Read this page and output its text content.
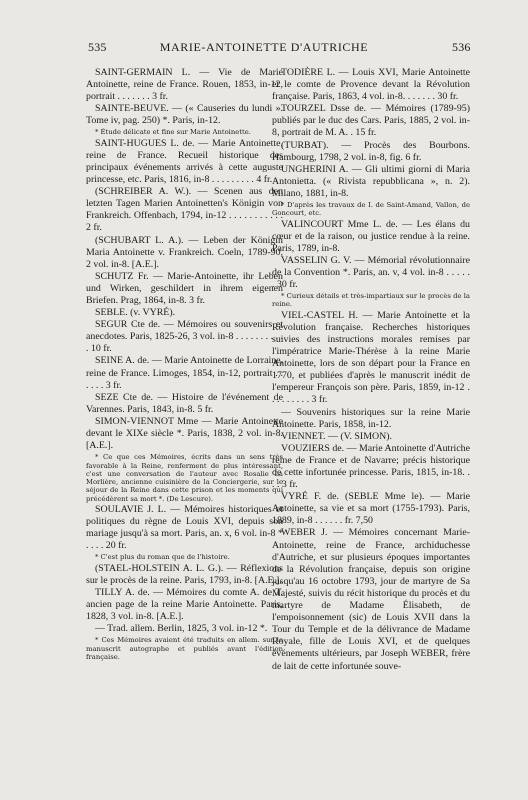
535	MARIE-ANTOINETTE D'AUTRICHE	536
SAINT-GERMAIN L. — Vie de Marie Antoinette, reine de France. Rouen, 1853, in-12, portrait . . . . . . . 3 fr.
SAINTE-BEUVE. — (« Causeries du lundi ». Tome iv, pag. 250) *. Paris, in-12.
* Étude délicate et fine sur Marie Antoinette.
SAINT-HUGUES L. de. — Marie Antoinette, reine de France. Recueil historique des principaux événements arrivés à cette auguste princesse, etc. Paris, 1816, in-8 . . . . . . . . . 4 fr.
(SCHREIBER A. W.). — Scenen aus den letzten Tagen Marien Antoinetten's Königin von Frankreich. Offenbach, 1794, in-12 . . . . . . . . . . . 2 fr.
(SCHUBART L. A.). — Leben der Königin Maria Antoinette v. Frankreich. Coeln, 1789-90, 2 vol. in-8. [A.E.].
SCHUTZ Fr. — Marie-Antoinette, ihr Leben und Wirken, geschildert in ihrem eigenen Briefen. Prag, 1864, in-8. 3 fr.
SEBLE. (v. VYRÉ).
SEGUR Cte de. — Mémoires ou souvenirs et anecdotes. Paris, 1825-26, 3 vol. in-8 . . . . . . . . . . . 10 fr.
SEINE A. de. — Marie Antoinette de Lorraine, reine de France. Limoges, 1854, in-12, portrait . . . . . . 3 fr.
SEZE Cte de. — Histoire de l'événement de Varennes. Paris, 1843, in-8. 5 fr.
SIMON-VIENNOT Mme — Marie Antoinette devant le XIXe siècle *. Paris, 1838, 2 vol. in-8. [A.E.].
* Ce que ces Mémoires, écrits dans un sens très favorable à la Reine, renferment de plus intéressant, c'est une conversation de l'auteur avec Rosalie La Morlière, ancienne cuisinière de la Conciergerie, sur le séjour de la Reine dans cette prison et les moments qui précédèrent sa mort *. (De Lescure).
SOULAVIE J. L. — Mémoires historiques et politiques du règne de Louis XVI, depuis son mariage jusqu'à sa mort. Paris, an. x, 6 vol. in-8 * . . . . 20 fr.
* C'est plus du roman que de l'histoire.
(STAEL-HOLSTEIN A. L. G.). — Réflexions sur le procès de la reine. Paris, 1793, in-8. [A.E.].
TILLY A. de. — Mémoires du comte A. de T. ancien page de la reine Marie Antoinette. Paris, 1828, 3 vol. in-8. [A.E.].
— Trad. allem. Berlin, 1825, 3 vol. in-12 *.
* Ces Mémoires avaient été traduits en allem. sur le manuscrit autographe et publiés avant l'édition française.
TODIÈRE L. — Louis XVI, Marie Antoinette et le comte de Provence devant la Révolution française. Paris, 1863, 4 vol. in-8. . . . . . . 30 fr.
TOURZEL Dsse de. — Mémoires (1789-95) publiés par le duc des Cars. Paris, 1885, 2 vol. in-8, portrait de M. A. . 15 fr.
(TURBAT). — Procès des Bourbons. Hambourg, 1798, 2 vol. in-8, fig. 6 fr.
UNGHERINI A. — Gli ultimi giorni di Maria Antonietta. (« Rivista repubblicana », n. 2). Milano, 1881, in-8.
* D'après les travaux de I. de Saint-Amand, Vallon, de Goncourt, etc.
VALINCOURT Mme L. de. — Les élans du cœur et de la raison, ou justice rendue à la reine. Paris, 1789, in-8.
VASSELIN G. V. — Mémorial révolutionnaire de la Convention *. Paris, an. v, 4 vol. in-8 . . . . . . 30 fr.
* Curieux détails et très-impartiaux sur le procès de la reine.
VIEL-CASTEL H. — Marie Antoinette et la Révolution française. Recherches historiques suivies des instructions morales remises par l'impératrice Marie-Thérèse à la reine Marie Antoinette, lors de son départ pour la France en 1770, et publiées d'après le manuscrit inédit de l'empereur François son père. Paris, 1859, in-12 . . . . . . . . . 3 fr.
— Souvenirs historiques sur la reine Marie Antoinette. Paris, 1858, in-12.
VIENNET. — (V. SIMON).
VOUZIERS de. — Marie Antoinette d'Autriche reine de France et de Navarre; précis historique de cette infortunée princesse. Paris, 1815, in-18. . . . 3 fr.
VYRÉ F. de. (SEBLE Mme le). — Marie Antoinette, sa vie et sa mort (1755-1793). Paris, 1889, in-8 . . . . . . fr. 7,50
WEBER J. — Mémoires concernant Marie-Antoinette, reine de France, archiduchesse d'Autriche, et sur plusieurs époques importantes de la Révolution française, depuis son origine jusqu'au 16 octobre 1793, jour de martyre de Sa Majesté, suivis du récit historique du procès et du martyre de Madame Élisabeth, de l'empoisonnement (sic) de Louis XVII dans la Tour du Temple et de la délivrance de Madame Royale, fille de Louis XVI, et de quelques événements ultérieurs, par Joseph WEBER, frère de lait de cette infortunée souve-
